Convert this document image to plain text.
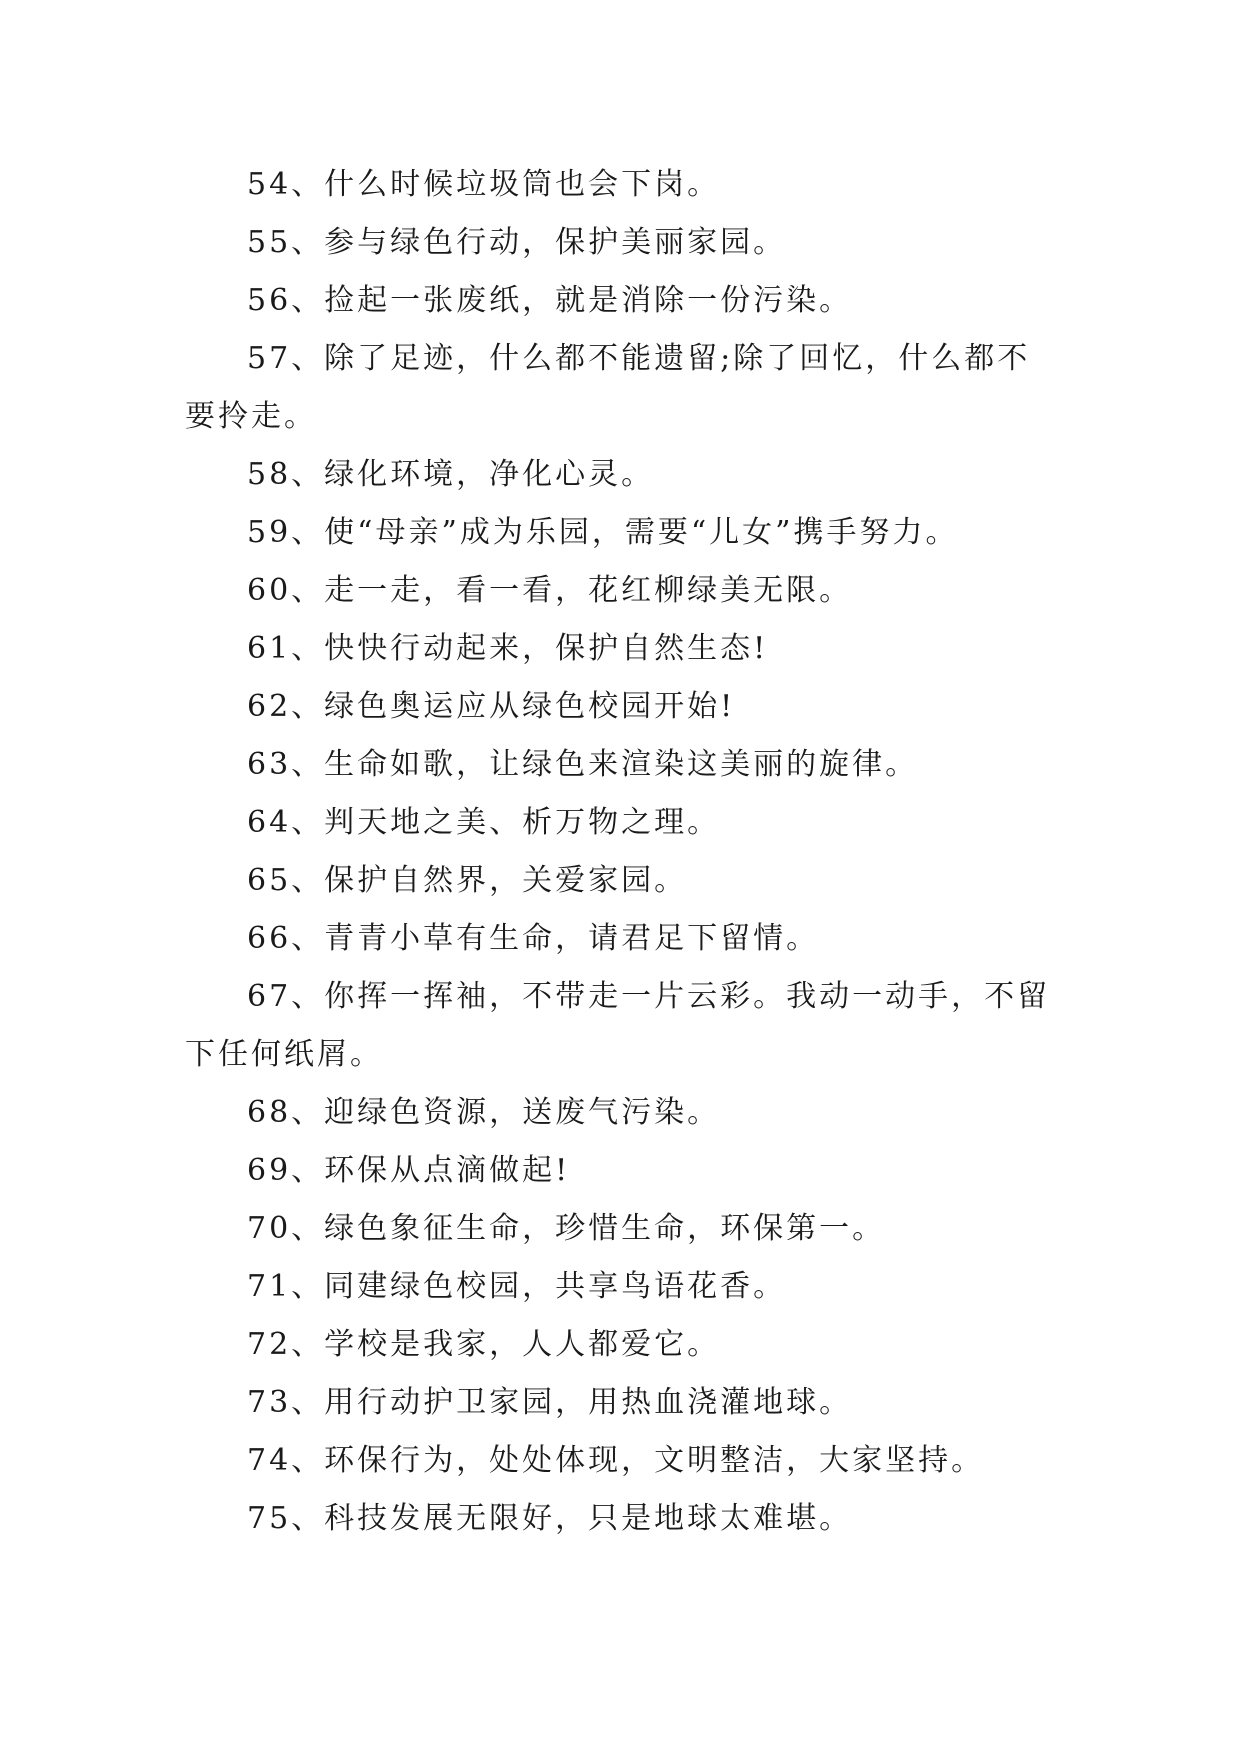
54、什么时候垃圾筒也会下岗。

55、参与绿色行动，保护美丽家园。

56、捡起一张废纸，就是消除一份污染。

57、除了足迹，什么都不能遗留;除了回忆，什么都不要拎走。

58、绿化环境，净化心灵。

59、使“母亲”成为乐园，需要“儿女”携手努力。

60、走一走，看一看，花红柳绿美无限。

61、快快行动起来，保护自然生态!

62、绿色奥运应从绿色校园开始!

63、生命如歌，让绿色来渲染这美丽的旋律。

64、判天地之美、析万物之理。

65、保护自然界，关爱家园。

66、青青小草有生命，请君足下留情。

67、你挥一挥袖，不带走一片云彩。我动一动手，不留下任何纸屑。

68、迎绿色资源，送废气污染。

69、环保从点滴做起!

70、绿色象征生命，珍惜生命，环保第一。

71、同建绿色校园，共享鸟语花香。

72、学校是我家，人人都爱它。

73、用行动护卫家园，用热血浇灌地球。

74、环保行为，处处体现，文明整洁，大家坚持。

75、科技发展无限好，只是地球太难堪。
